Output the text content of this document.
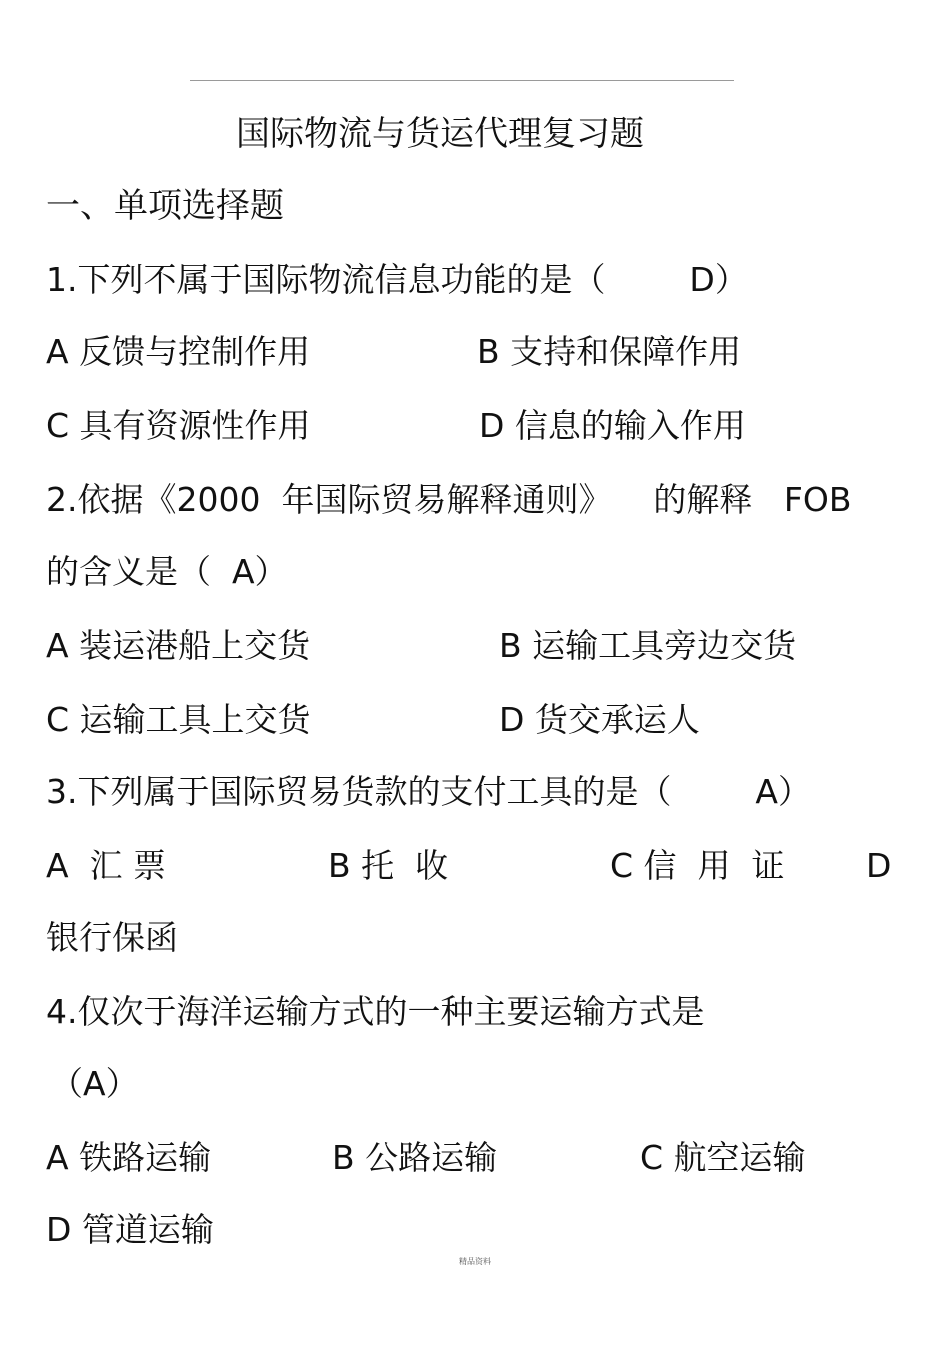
国际物流与货运代理复习题
一、单项选择题
1.下列不属于国际物流信息功能的是（        D）
A 反馈与控制作用	B 支持和保障作用
C 具有资源性作用	D 信息的输入作用
2.依据《2000  年国际贸易解释通则》    的解释   FOB
的含义是（  A）
A 装运港船上交货	B 运输工具旁边交货
C 运输工具上交货	D 货交承运人
3.下列属于国际贸易货款的支付工具的是（        A）
A  汇 票	B 托  收	C 信  用  证 D
银行保函
4.仅次于海洋运输方式的一种主要运输方式是
（A）
A 铁路运输	B 公路运输	C 航空运输
D 管道运输
精品资料
